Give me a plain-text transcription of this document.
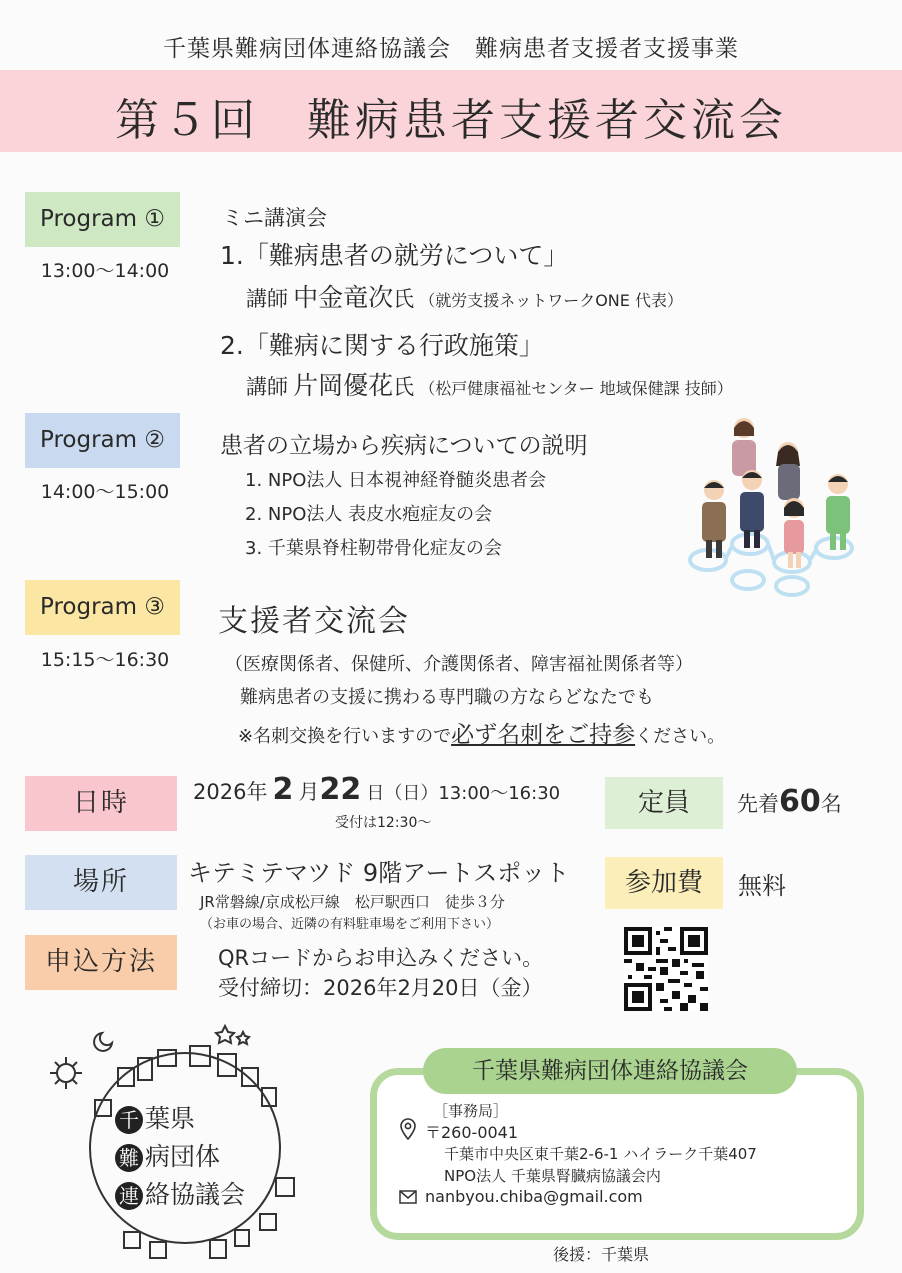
千葉県難病団体連絡協議会　難病患者支援者支援事業
第５回　難病患者支援者交流会
Program ①
13:00〜14:00
ミニ講演会
1.「難病患者の就労について」
講師 中金竜次氏 （就労支援ネットワークONE 代表）
2.「難病に関する行政施策」
講師 片岡優花氏 （松戸健康福祉センター 地域保健課 技師）
Program ②
14:00〜15:00
患者の立場から疾病についての説明
1. NPO法人 日本視神経脊髄炎患者会
2. NPO法人 表皮水疱症友の会
3. 千葉県脊柱靭帯骨化症友の会
Program ③
15:15〜16:30
支援者交流会
（医療関係者、保健所、介護関係者、障害福祉関係者等）
難病患者の支援に携わる専門職の方ならどなたでも
※名刺交換を行いますので必ず名刺をご持参ください。
日時	2026年 2 月22 日（日）13:00〜16:30
受付は12:30〜
定員	先着60名
場所	キテミテマツド 9階アートスポット
JR常磐線/京成松戸線　松戸駅西口　徒歩３分
（お車の場合、近隣の有料駐車場をご利用下さい）
参加費	無料
申込方法	QRコードからお申込みください。
受付締切：2026年2月20日（金）
千 葉県
難 病団体
連 絡協議会
千葉県難病団体連絡協議会
［事務局］
〒260-0041
千葉市中央区東千葉2-6-1 ハイラーク千葉407
NPO法人 千葉県腎臓病協議会内
nanbyou.chiba@gmail.com
後援：千葉県
